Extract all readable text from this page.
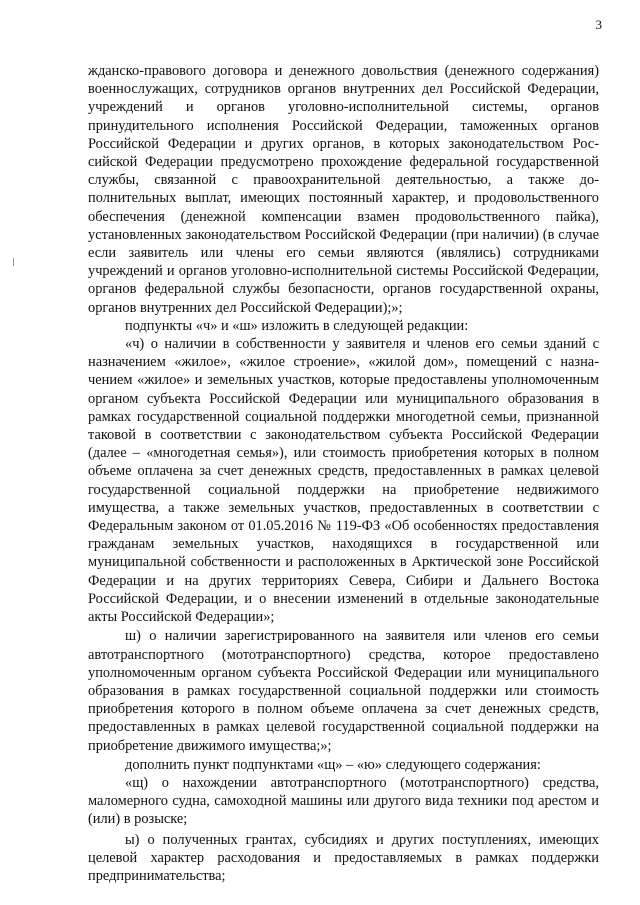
3

жданско-правового договора и денежного довольствия (денежного содержания) военнослужащих, сотрудников органов внутренних дел Российской Федерации, учреждений и органов уголовно-исполнительной системы, органов принудительного исполнения Российской Федерации, таможенных органов Российской Федерации и других органов, в которых законодательством Российской Федерации предусмотрено прохождение федеральной государственной службы, связанной с правоохранительной деятельностью, а также дополнительных выплат, имеющих постоянный характер, и продовольственного обеспечения (денежной компенсации взамен продовольственного пайка), установленных законодательством Российской Федерации (при наличии) (в случае если заявитель или члены его семьи являются (являлись) сотрудниками учреждений и органов уголовно-исполнительной системы Российской Федерации, органов федеральной службы безопасности, органов государственной охраны, органов внутренних дел Российской Федерации);»;

подпункты «ч» и «ш» изложить в следующей редакции:

«ч) о наличии в собственности у заявителя и членов его семьи зданий с назначением «жилое», «жилое строение», «жилой дом», помещений с назначением «жилое» и земельных участков, которые предоставлены уполномоченным органом субъекта Российской Федерации или муниципального образования в рамках государственной социальной поддержки многодетной семьи, признанной таковой в соответствии с законодательством субъекта Российской Федерации (далее – «многодетная семья»), или стоимость приобретения которых в полном объеме оплачена за счет денежных средств, предоставленных в рамках целевой государственной социальной поддержки на приобретение недвижимого имущества, а также земельных участков, предоставленных в соответствии с Федеральным законом от 01.05.2016 № 119-ФЗ «Об особенностях предоставления гражданам земельных участков, находящихся в государственной или муниципальной собственности и расположенных в Арктической зоне Российской Федерации и на других территориях Севера, Сибири и Дальнего Востока Российской Федерации, и о внесении изменений в отдельные законодательные акты Российской Федерации»;

ш) о наличии зарегистрированного на заявителя или членов его семьи автотранспортного (мототранспортного) средства, которое предоставлено уполномоченным органом субъекта Российской Федерации или муниципального образования в рамках государственной социальной поддержки или стоимость приобретения которого в полном объеме оплачена за счет денежных средств, предоставленных в рамках целевой государственной социальной поддержки на приобретение движимого имущества;»;

дополнить пункт подпунктами «щ» – «ю» следующего содержания:

«щ) о нахождении автотранспортного (мототранспортного) средства, маломерного судна, самоходной машины или другого вида техники под арестом и (или) в розыске;

ы) о полученных грантах, субсидиях и других поступлениях, имеющих целевой характер расходования и предоставляемых в рамках поддержки предпринимательства;
